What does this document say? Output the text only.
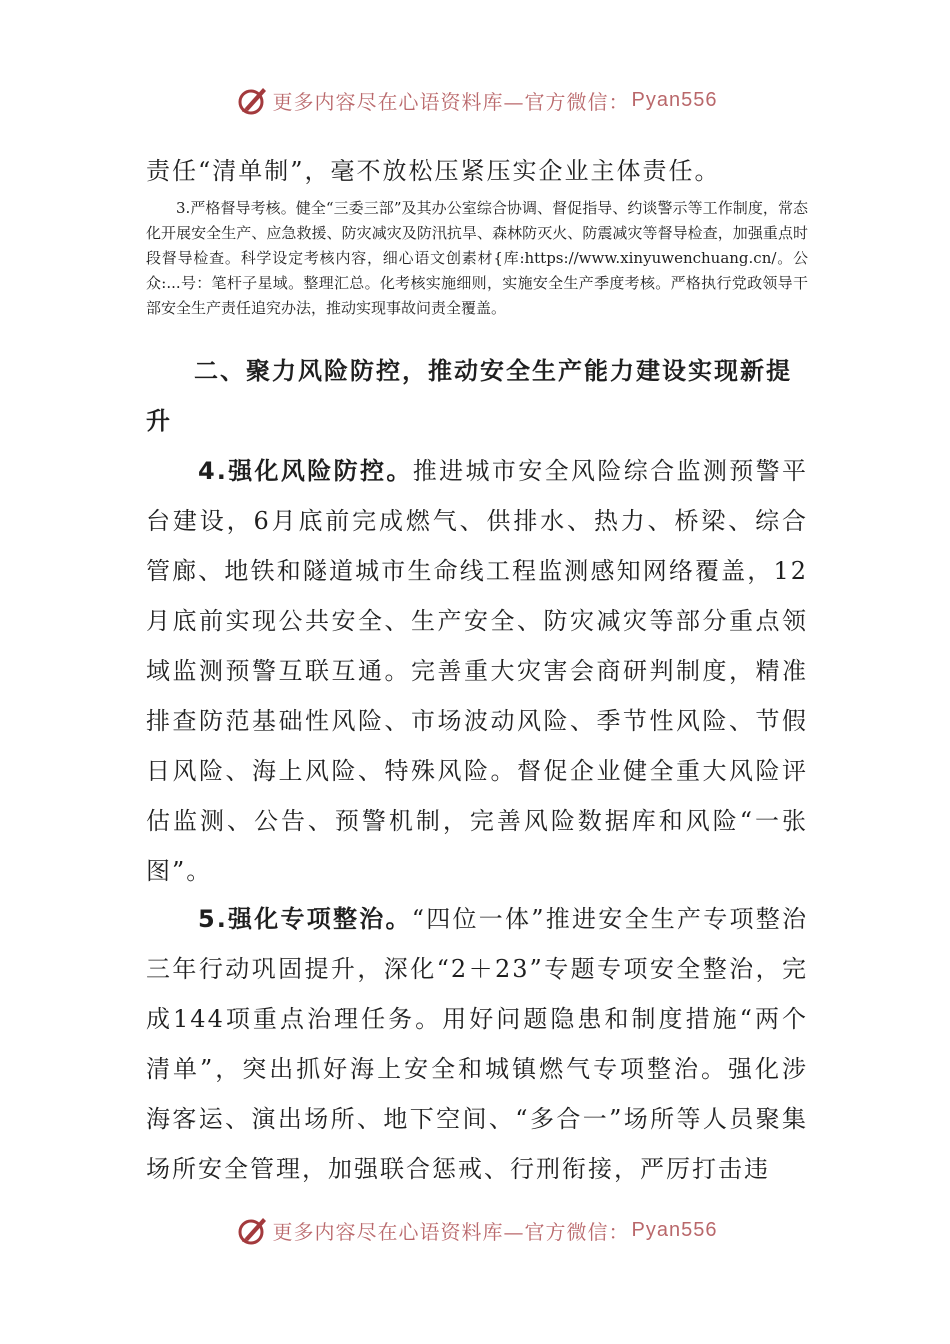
更多内容尽在心语资料库—官方微信： Pyan556

责任“清单制”，毫不放松压紧压实企业主体责任。

3.严格督导考核。健全“三委三部”及其办公室综合协调、督促指导、约谈警示等工作制度，常态化开展安全生产、应急救援、防灾减灾及防汛抗旱、森林防灭火、防震减灾等督导检查，加强重点时段督导检查。科学设定考核内容，细心语文创素材{库:https://www.xinyuwenchuang.cn/。公众:...号：笔杆子星域。整理汇总。化考核实施细则，实施安全生产季度考核。严格执行党政领导干部安全生产责任追究办法，推动实现事故问责全覆盖。

二、聚力风险防控，推动安全生产能力建设实现新提升

4.强化风险防控。推进城市安全风险综合监测预警平台建设，6月底前完成燃气、供排水、热力、桥梁、综合管廊、地铁和隧道城市生命线工程监测感知网络覆盖，12月底前实现公共安全、生产安全、防灾减灾等部分重点领域监测预警互联互通。完善重大灾害会商研判制度，精准排查防范基础性风险、市场波动风险、季节性风险、节假日风险、海上风险、特殊风险。督促企业健全重大风险评估监测、公告、预警机制，完善风险数据库和风险“一张图”。

5.强化专项整治。“四位一体”推进安全生产专项整治三年行动巩固提升，深化“2＋23”专题专项安全整治，完成144项重点治理任务。用好问题隐患和制度措施“两个清单”，突出抓好海上安全和城镇燃气专项整治。强化涉海客运、演出场所、地下空间、“多合一”场所等人员聚集场所安全管理，加强联合惩戒、行刑衔接，严厉打击违

更多内容尽在心语资料库—官方微信： Pyan556
